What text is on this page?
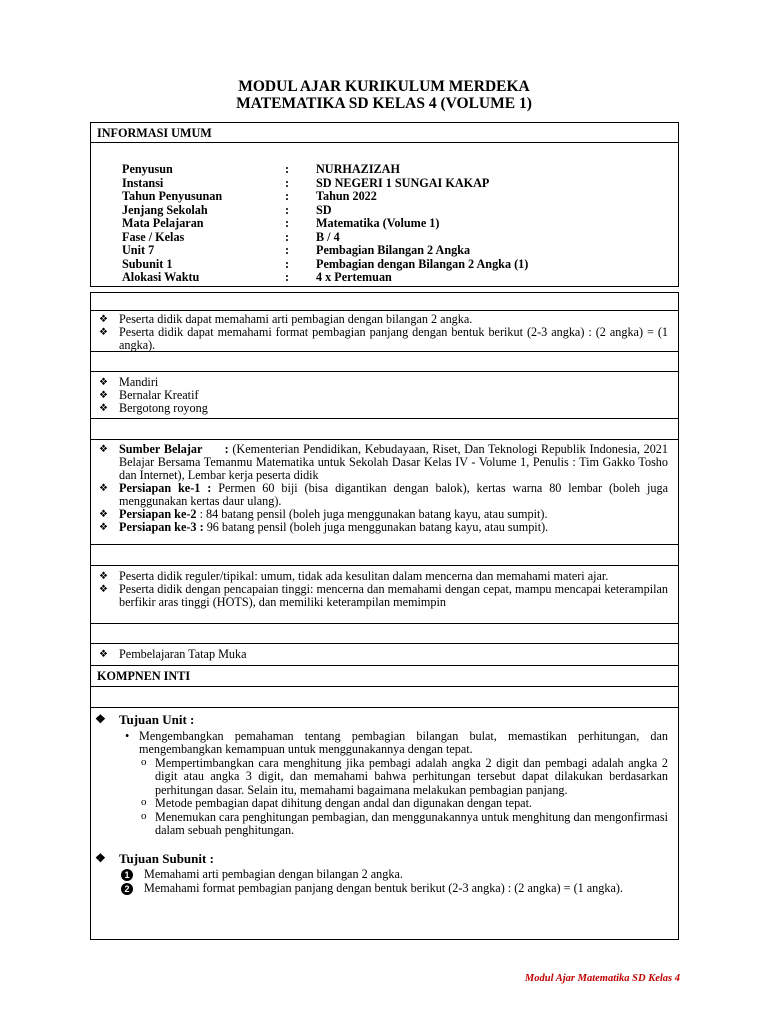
MODUL AJAR KURIKULUM MERDEKA
MATEMATIKA SD KELAS 4 (VOLUME 1)
INFORMASI UMUM
Penyusun	: NURHAZIZAH
Instansi	: SD NEGERI 1 SUNGAI KAKAP
Tahun Penyusunan	: Tahun 2022
Jenjang Sekolah	: SD
Mata Pelajaran	: Matematika (Volume 1)
Fase / Kelas	: B / 4
Unit 7	: Pembagian Bilangan 2 Angka
Subunit 1	: Pembagian dengan Bilangan 2 Angka (1)
Alokasi Waktu	: 4 x Pertemuan
❖ Peserta didik dapat memahami arti pembagian dengan bilangan 2 angka.
❖ Peserta didik dapat memahami format pembagian panjang dengan bentuk berikut (2-3 angka) : (2 angka) = (1 angka).
❖ Mandiri
❖ Bernalar Kreatif
❖ Bergotong royong
❖ Sumber Belajar      : (Kementerian Pendidikan, Kebudayaan, Riset, Dan Teknologi Republik Indonesia, 2021 Belajar Bersama Temanmu Matematika untuk Sekolah Dasar Kelas IV - Volume 1, Penulis : Tim Gakko Tosho dan Internet), Lembar kerja peserta didik
❖ Persiapan ke-1 : Permen 60 biji (bisa digantikan dengan balok), kertas warna 80 lembar (boleh juga menggunakan kertas daur ulang).
❖ Persiapan ke-2 : 84 batang pensil (boleh juga menggunakan batang kayu, atau sumpit).
❖ Persiapan ke-3 : 96 batang pensil (boleh juga menggunakan batang kayu, atau sumpit).
❖ Peserta didik reguler/tipikal: umum, tidak ada kesulitan dalam mencerna dan memahami materi ajar.
❖ Peserta didik dengan pencapaian tinggi: mencerna dan memahami dengan cepat, mampu mencapai keterampilan berfikir aras tinggi (HOTS), dan memiliki keterampilan memimpin
❖ Pembelajaran Tatap Muka
KOMPNEN INTI
❖ Tujuan Unit :
• Mengembangkan pemahaman tentang pembagian bilangan bulat, memastikan perhitungan, dan mengembangkan kemampuan untuk menggunakannya dengan tepat.
o Mempertimbangkan cara menghitung jika pembagi adalah angka 2 digit dan pembagi adalah angka 2 digit atau angka 3 digit, dan memahami bahwa perhitungan tersebut dapat dilakukan berdasarkan perhitungan dasar. Selain itu, memahami bagaimana melakukan pembagian panjang.
o Metode pembagian dapat dihitung dengan andal dan digunakan dengan tepat.
o Menemukan cara penghitungan pembagian, dan menggunakannya untuk menghitung dan mengonfirmasi dalam sebuah penghitungan.
❖ Tujuan Subunit :
1 Memahami arti pembagian dengan bilangan 2 angka.
2 Memahami format pembagian panjang dengan bentuk berikut (2-3 angka) : (2 angka) = (1 angka).
Modul Ajar Matematika SD Kelas 4
